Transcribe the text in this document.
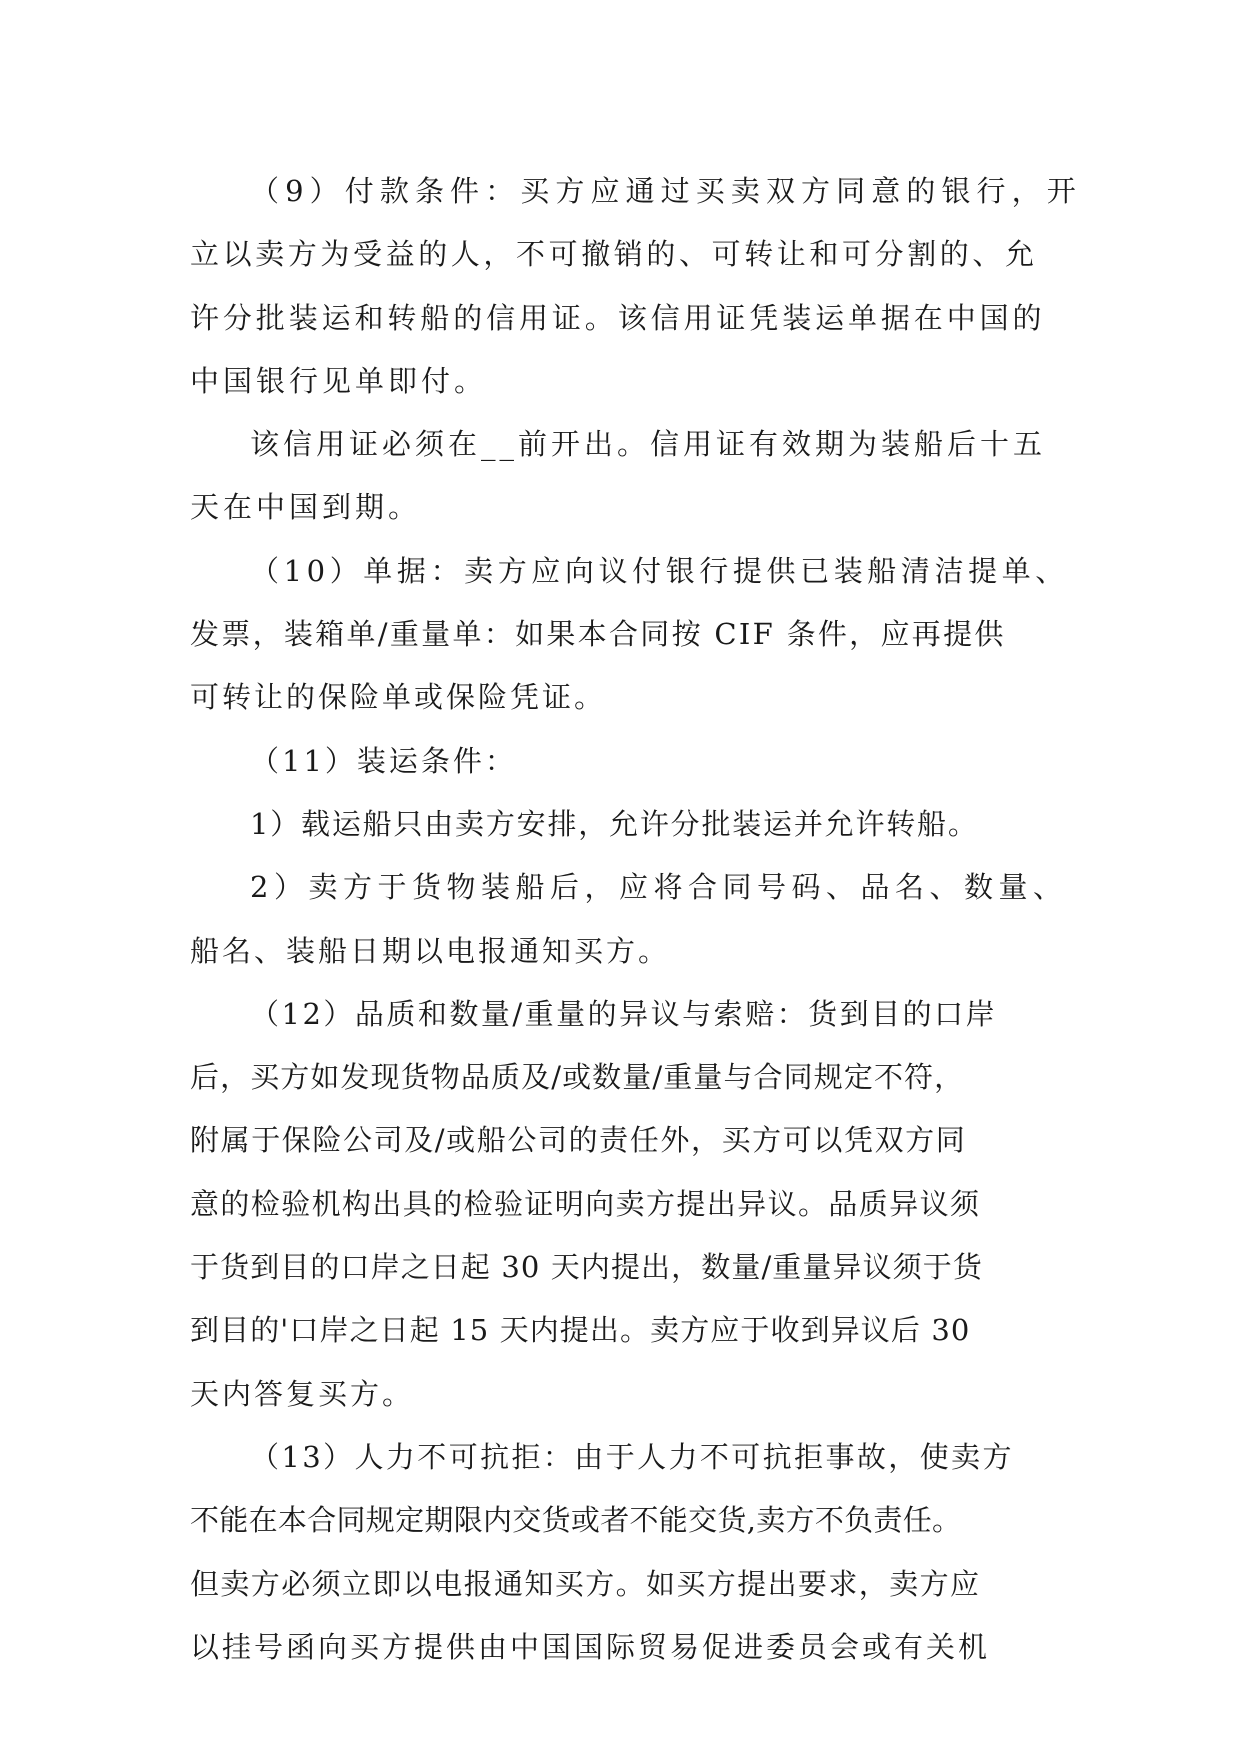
（9）付款条件：买方应通过买卖双方同意的银行，开
立以卖方为受益的人，不可撤销的、可转让和可分割的、允
许分批装运和转船的信用证。该信用证凭装运单据在中国的
中国银行见单即付。
该信用证必须在__前开出。信用证有效期为装船后十五
天在中国到期。
（10）单据：卖方应向议付银行提供已装船清洁提单、
发票，装箱单/重量单：如果本合同按 CIF 条件，应再提供
可转让的保险单或保险凭证。
（11）装运条件：
1）载运船只由卖方安排，允许分批装运并允许转船。
2）卖方于货物装船后，应将合同号码、品名、数量、
船名、装船日期以电报通知买方。
（12）品质和数量/重量的异议与索赔：货到目的口岸
后，买方如发现货物品质及/或数量/重量与合同规定不符，
附属于保险公司及/或船公司的责任外，买方可以凭双方同
意的检验机构出具的检验证明向卖方提出异议。品质异议须
于货到目的口岸之日起 30 天内提出，数量/重量异议须于货
到目的'口岸之日起 15 天内提出。卖方应于收到异议后 30
天内答复买方。
（13）人力不可抗拒：由于人力不可抗拒事故，使卖方
不能在本合同规定期限内交货或者不能交货,卖方不负责任。
但卖方必须立即以电报通知买方。如买方提出要求，卖方应
以挂号函向买方提供由中国国际贸易促进委员会或有关机
